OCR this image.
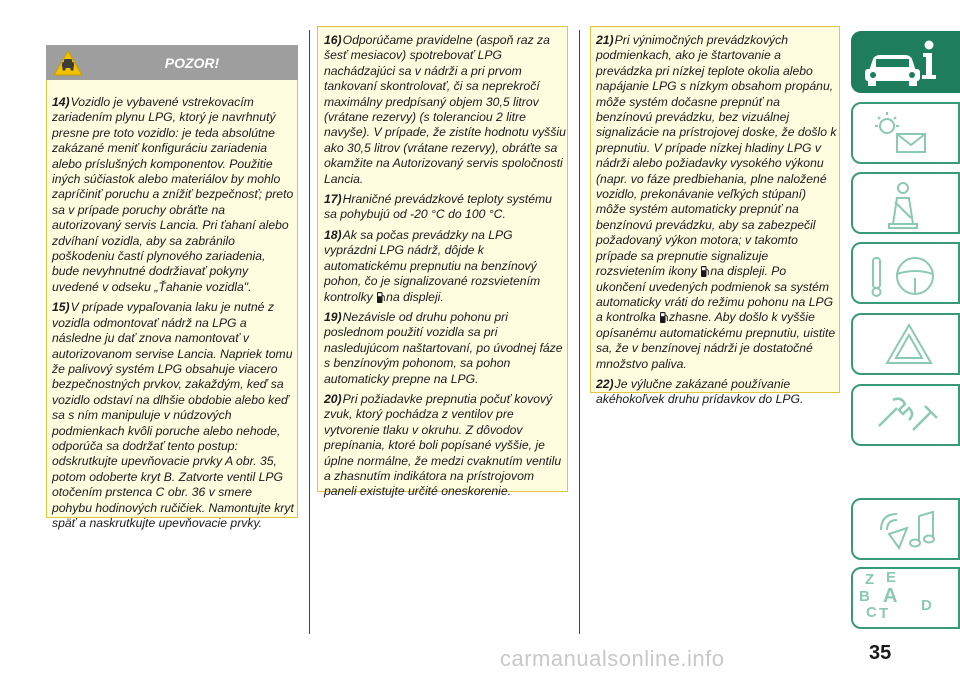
POZOR!

14)Vozidlo je vybavené vstrekovacím zariadením plynu LPG, ktorý je navrhnutý presne pre toto vozidlo: je teda absolútne zakázané meniť konfiguráciu zariadenia alebo príslušných komponentov. Použitie iných súčiastok alebo materiálov by mohlo zapríčiniť poruchu a znížiť bezpečnosť; preto sa v prípade poruchy obráťte na autorizovaný servis Lancia. Pri ťahaní alebo zdvíhaní vozidla, aby sa zabránilo poškodeniu častí plynového zariadenia, bude nevyhnutné dodržiavať pokyny uvedené v odseku „Ťahanie vozidla".

15)V prípade vypaľovania laku je nutné z vozidla odmontovať nádrž na LPG a následne ju dať znova namontovať v autorizovanom servise Lancia. Napriek tomu že palivový systém LPG obsahuje viacero bezpečnostných prvkov, zakaždým, keď sa vozidlo odstaví na dlhšie obdobie alebo keď sa s ním manipuluje v núdzových podmienkach kvôli poruche alebo nehode, odporúča sa dodržať tento postup: odskrutkujte upevňovacie prvky A obr. 35, potom odoberte kryt B. Zatvorte ventil LPG otočením prstenca C obr. 36 v smere pohybu hodinových ručičiek. Namontujte kryt späť a naskrutkujte upevňovacie prvky.

16)Odporúčame pravidelne (aspoň raz za šesť mesiacov) spotrebovať LPG nachádzajúci sa v nádrži a pri prvom tankovaní skontrolovať, či sa neprekročí maximálny predpísaný objem 30,5 litrov (vrátane rezervy) (s toleranciou 2 litre navyše). V prípade, že zistíte hodnotu vyššiu ako 30,5 litrov (vrátane rezervy), obráťte sa okamžite na Autorizovaný servis spoločnosti Lancia.

17)Hraničné prevádzkové teploty systému sa pohybujú od -20 °C do 100 °C.

18)Ak sa počas prevádzky na LPG vyprázdni LPG nádrž, dôjde k automatickému prepnutiu na benzínový pohon, čo je signalizované rozsvietením kontrolky na displeji.

19)Nezávisle od druhu pohonu pri poslednom použití vozidla sa pri nasledujúcom naštartovaní, po úvodnej fáze s benzínovým pohonom, sa pohon automaticky prepne na LPG.

20)Pri požiadavke prepnutia počuť kovový zvuk, ktorý pochádza z ventilov pre vytvorenie tlaku v okruhu. Z dôvodov prepínania, ktoré boli popísané vyššie, je úplne normálne, že medzi cvaknutím ventilu a zhasnutím indikátora na prístrojovom paneli existujte určité oneskorenie.

21)Pri výnimočných prevádzkových podmienkach, ako je štartovanie a prevádzka pri nízkej teplote okolia alebo napájanie LPG s nízkym obsahom propánu, môže systém dočasne prepnúť na benzínovú prevádzku, bez vizuálnej signalizácie na prístrojovej doske, že došlo k prepnutiu. V prípade nízkej hladiny LPG v nádrži alebo požiadavky vysokého výkonu (napr. vo fáze predbiehania, plne naložené vozidlo, prekonávanie veľkých stúpaní) môže systém automaticky prepnúť na benzínovú prevádzku, aby sa zabezpečil požadovaný výkon motora; v takomto prípade sa prepnutie signalizuje rozsvietením ikony na displeji. Po ukončení uvedených podmienok sa systém automaticky vráti do režimu pohonu na LPG a kontrolka zhasne. Aby došlo k vyššie opísanému automatickému prepnutiu, uistite sa, že v benzínovej nádrži je dostatočné množstvo paliva.

22)Je výlučne zakázané používanie akéhokoľvek druhu prídavkov do LPG.

Z E
B A
C	D
T
35
carmanualsonline.info
